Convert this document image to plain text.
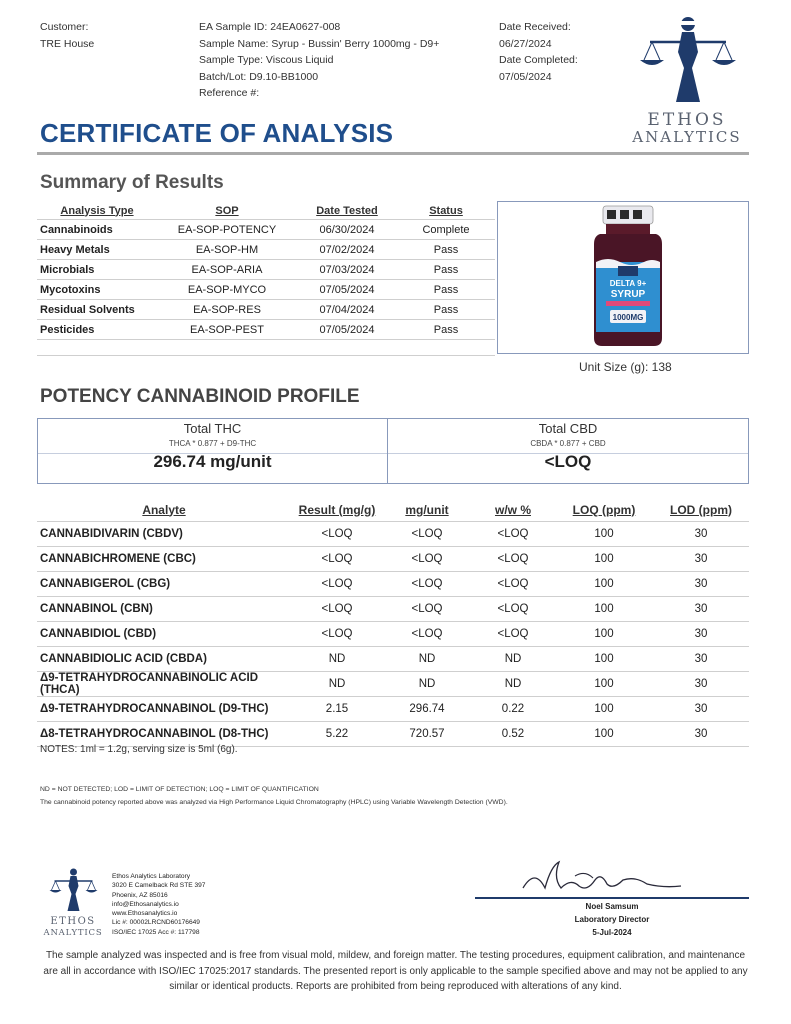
Customer:
TRE House
EA Sample ID: 24EA0627-008
Sample Name: Syrup - Bussin' Berry 1000mg - D9+
Sample Type: Viscous Liquid
Batch/Lot: D9.10-BB1000
Reference #:
Date Received:
06/27/2024
Date Completed:
07/05/2024
ETHOS
ANALYTICS
CERTIFICATE OF ANALYSIS
Summary of Results
Analysis Type	SOP	Date Tested	Status
Cannabinoids	EA-SOP-POTENCY	06/30/2024	Complete
Heavy Metals	EA-SOP-HM	07/02/2024	Pass
Microbials	EA-SOP-ARIA	07/03/2024	Pass
Mycotoxins	EA-SOP-MYCO	07/05/2024	Pass
Residual Solvents	EA-SOP-RES	07/04/2024	Pass
Pesticides	EA-SOP-PEST	07/05/2024	Pass

DELTA 9+
SYRUP
1000MG
Unit Size (g): 138
POTENCY CANNABINOID PROFILE
Total THC
THCA * 0.877 + D9-THC
296.74 mg/unit
Total CBD
CBDA * 0.877 + CBD
<LOQ
Analyte	Result (mg/g)	mg/unit	w/w %	LOQ (ppm)	LOD (ppm)
CANNABIDIVARIN (CBDV)	<LOQ	<LOQ	<LOQ	100	30
CANNABICHROMENE (CBC)	<LOQ	<LOQ	<LOQ	100	30
CANNABIGEROL (CBG)	<LOQ	<LOQ	<LOQ	100	30
CANNABINOL (CBN)	<LOQ	<LOQ	<LOQ	100	30
CANNABIDIOL (CBD)	<LOQ	<LOQ	<LOQ	100	30
CANNABIDIOLIC ACID (CBDA)	ND	ND	ND	100	30
Δ9-TETRAHYDROCANNABINOLIC ACID (THCA)	ND	ND	ND	100	30
Δ9-TETRAHYDROCANNABINOL (D9-THC)	2.15	296.74	0.22	100	30
Δ8-TETRAHYDROCANNABINOL (D8-THC)	5.22	720.57	0.52	100	30
NOTES: 1ml = 1.2g, serving size is 5ml (6g).
ND = NOT DETECTED; LOD = LIMIT OF DETECTION; LOQ = LIMIT OF QUANTIFICATION
The cannabinoid potency reported above was analyzed via High Performance Liquid Chromatography (HPLC) using Variable Wavelength Detection (VWD).
ETHOS
ANALYTICS
Ethos Analytics Laboratory
3020 E Camelback Rd STE 397
Phoenix, AZ 85016
info@Ethosanalytics.io
www.Ethosanalytics.io
Lic #: 00002LRCND60176649
ISO/IEC 17025 Acc #: 117798
Noel Samsum
Laboratory Director
5-Jul-2024
The sample analyzed was inspected and is free from visual mold, mildew, and foreign matter. The testing procedures, equipment calibration, and maintenance are all in accordance with ISO/IEC 17025:2017 standards. The presented report is only applicable to the sample specified above and may not be applied to any similar or identical products. Reports are prohibited from being reproduced with alterations of any kind.
